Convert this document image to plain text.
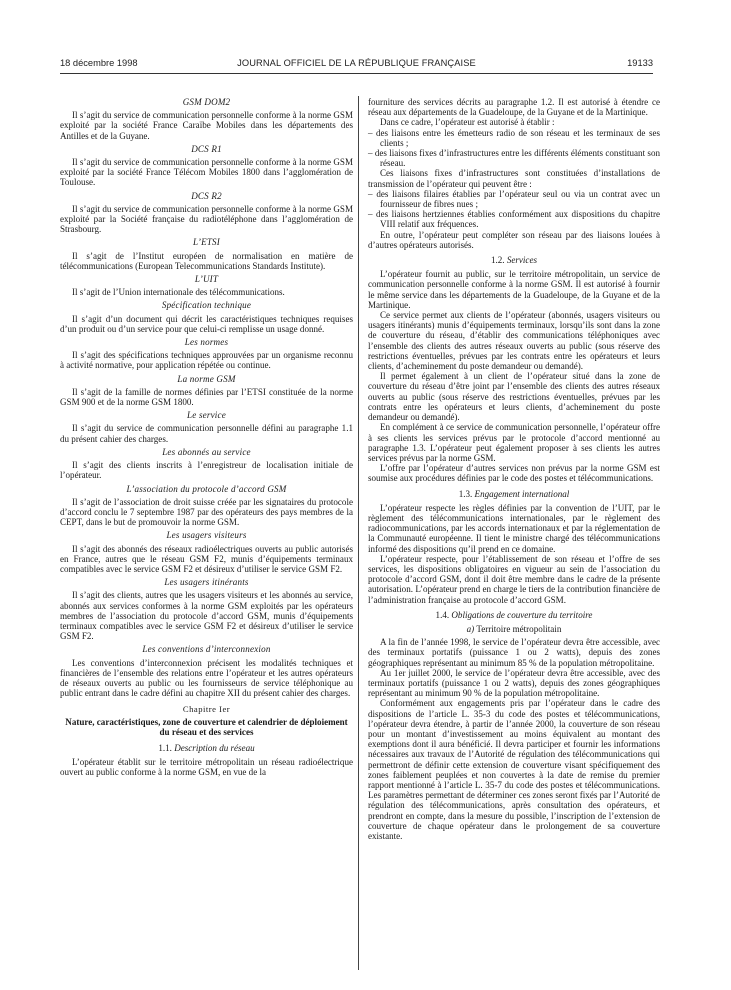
18 décembre 1998	JOURNAL OFFICIEL DE LA RÉPUBLIQUE FRANÇAISE	19133
GSM DOM2

Il s’agit du service de communication personnelle conforme à la norme GSM exploité par la société France Caraïbe Mobiles dans les départements des Antilles et de la Guyane.

DCS R1

Il s’agit du service de communication personnelle conforme à la norme GSM exploité par la société France Télécom Mobiles 1800 dans l’agglomération de Toulouse.

DCS R2

Il s’agit du service de communication personnelle conforme à la norme GSM exploité par la Société française du radiotéléphone dans l’agglomération de Strasbourg.

L’ETSI

Il s’agit de l’Institut européen de normalisation en matière de télécommunications (European Telecommunications Standards Institute).

L’UIT

Il s’agit de l’Union internationale des télécommunications.

Spécification technique

Il s’agit d’un document qui décrit les caractéristiques techniques requises d’un produit ou d’un service pour que celui-ci remplisse un usage donné.

Les normes

Il s’agit des spécifications techniques approuvées par un organisme reconnu à activité normative, pour application répétée ou continue.

La norme GSM

Il s’agit de la famille de normes définies par l’ETSI constituée de la norme GSM 900 et de la norme GSM 1800.

Le service

Il s’agit du service de communication personnelle défini au paragraphe 1.1 du présent cahier des charges.

Les abonnés au service

Il s’agit des clients inscrits à l’enregistreur de localisation initiale de l’opérateur.

L’association du protocole d’accord GSM

Il s’agit de l’association de droit suisse créée par les signataires du protocole d’accord conclu le 7 septembre 1987 par des opérateurs des pays membres de la CEPT, dans le but de promouvoir la norme GSM.

Les usagers visiteurs

Il s’agit des abonnés des réseaux radioélectriques ouverts au public autorisés en France, autres que le réseau GSM F2, munis d’équipements terminaux compatibles avec le service GSM F2 et désireux d’utiliser le service GSM F2.

Les usagers itinérants

Il s’agit des clients, autres que les usagers visiteurs et les abonnés au service, abonnés aux services conformes à la norme GSM exploités par les opérateurs membres de l’association du protocole d’accord GSM, munis d’équipements terminaux compatibles avec le service GSM F2 et désireux d’utiliser le service GSM F2.

Les conventions d’interconnexion

Les conventions d’interconnexion précisent les modalités techniques et financières de l’ensemble des relations entre l’opérateur et les autres opérateurs de réseaux ouverts au public ou les fournisseurs de service téléphonique au public entrant dans le cadre défini au chapitre XII du présent cahier des charges.

Chapitre Ier
Nature, caractéristiques, zone de couverture et calendrier de déploiement du réseau et des services
1.1. Description du réseau

L’opérateur établit sur le territoire métropolitain un réseau radioélectrique ouvert au public conforme à la norme GSM, en vue de la

fourniture des services décrits au paragraphe 1.2. Il est autorisé à étendre ce réseau aux départements de la Guadeloupe, de la Guyane et de la Martinique.

Dans ce cadre, l’opérateur est autorisé à établir :

– des liaisons entre les émetteurs radio de son réseau et les terminaux de ses clients ;
– des liaisons fixes d’infrastructures entre les différents éléments constituant son réseau.

Ces liaisons fixes d’infrastructures sont constituées d’installations de transmission de l’opérateur qui peuvent être :

– des liaisons filaires établies par l’opérateur seul ou via un contrat avec un fournisseur de fibres nues ;
– des liaisons hertziennes établies conformément aux dispositions du chapitre VIII relatif aux fréquences.

En outre, l’opérateur peut compléter son réseau par des liaisons louées à d’autres opérateurs autorisés.

1.2. Services

L’opérateur fournit au public, sur le territoire métropolitain, un service de communication personnelle conforme à la norme GSM. Il est autorisé à fournir le même service dans les départements de la Guadeloupe, de la Guyane et de la Martinique.

Ce service permet aux clients de l’opérateur (abonnés, usagers visiteurs ou usagers itinérants) munis d’équipements terminaux, lorsqu’ils sont dans la zone de couverture du réseau, d’établir des communications téléphoniques avec l’ensemble des clients des autres réseaux ouverts au public (sous réserve des restrictions éventuelles, prévues par les contrats entre les opérateurs et leurs clients, d’acheminement du poste demandeur ou demandé).

Il permet également à un client de l’opérateur situé dans la zone de couverture du réseau d’être joint par l’ensemble des clients des autres réseaux ouverts au public (sous réserve des restrictions éventuelles, prévues par les contrats entre les opérateurs et leurs clients, d’acheminement du poste demandeur ou demandé).

En complément à ce service de communication personnelle, l’opérateur offre à ses clients les services prévus par le protocole d’accord mentionné au paragraphe 1.3. L’opérateur peut également proposer à ses clients les autres services prévus par la norme GSM.

L’offre par l’opérateur d’autres services non prévus par la norme GSM est soumise aux procédures définies par le code des postes et télécommunications.

1.3. Engagement international

L’opérateur respecte les règles définies par la convention de l’UIT, par le règlement des télécommunications internationales, par le règlement des radiocommunications, par les accords internationaux et par la réglementation de la Communauté européenne. Il tient le ministre chargé des télécommunications informé des dispositions qu’il prend en ce domaine.

L’opérateur respecte, pour l’établissement de son réseau et l’offre de ses services, les dispositions obligatoires en vigueur au sein de l’association du protocole d’accord GSM, dont il doit être membre dans le cadre de la présente autorisation. L’opérateur prend en charge le tiers de la contribution financière de l’administration française au protocole d’accord GSM.

1.4. Obligations de couverture du territoire
a) Territoire métropolitain

A la fin de l’année 1998, le service de l’opérateur devra être accessible, avec des terminaux portatifs (puissance 1 ou 2 watts), depuis des zones géographiques représentant au minimum 85 % de la population métropolitaine.

Au 1er juillet 2000, le service de l’opérateur devra être accessible, avec des terminaux portatifs (puissance 1 ou 2 watts), depuis des zones géographiques représentant au minimum 90 % de la population métropolitaine.

Conformément aux engagements pris par l’opérateur dans le cadre des dispositions de l’article L. 35-3 du code des postes et télécommunications, l’opérateur devra étendre, à partir de l’année 2000, la couverture de son réseau pour un montant d’investissement au moins équivalent au montant des exemptions dont il aura bénéficié. Il devra participer et fournir les informations nécessaires aux travaux de l’Autorité de régulation des télécommunications qui permettront de définir cette extension de couverture visant spécifiquement des zones faiblement peuplées et non couvertes à la date de remise du premier rapport mentionné à l’article L. 35-7 du code des postes et télécommunications. Les paramètres permettant de déterminer ces zones seront fixés par l’Autorité de régulation des télécommunications, après consultation des opérateurs, et prendront en compte, dans la mesure du possible, l’inscription de l’extension de couverture de chaque opérateur dans le prolongement de sa couverture existante.
